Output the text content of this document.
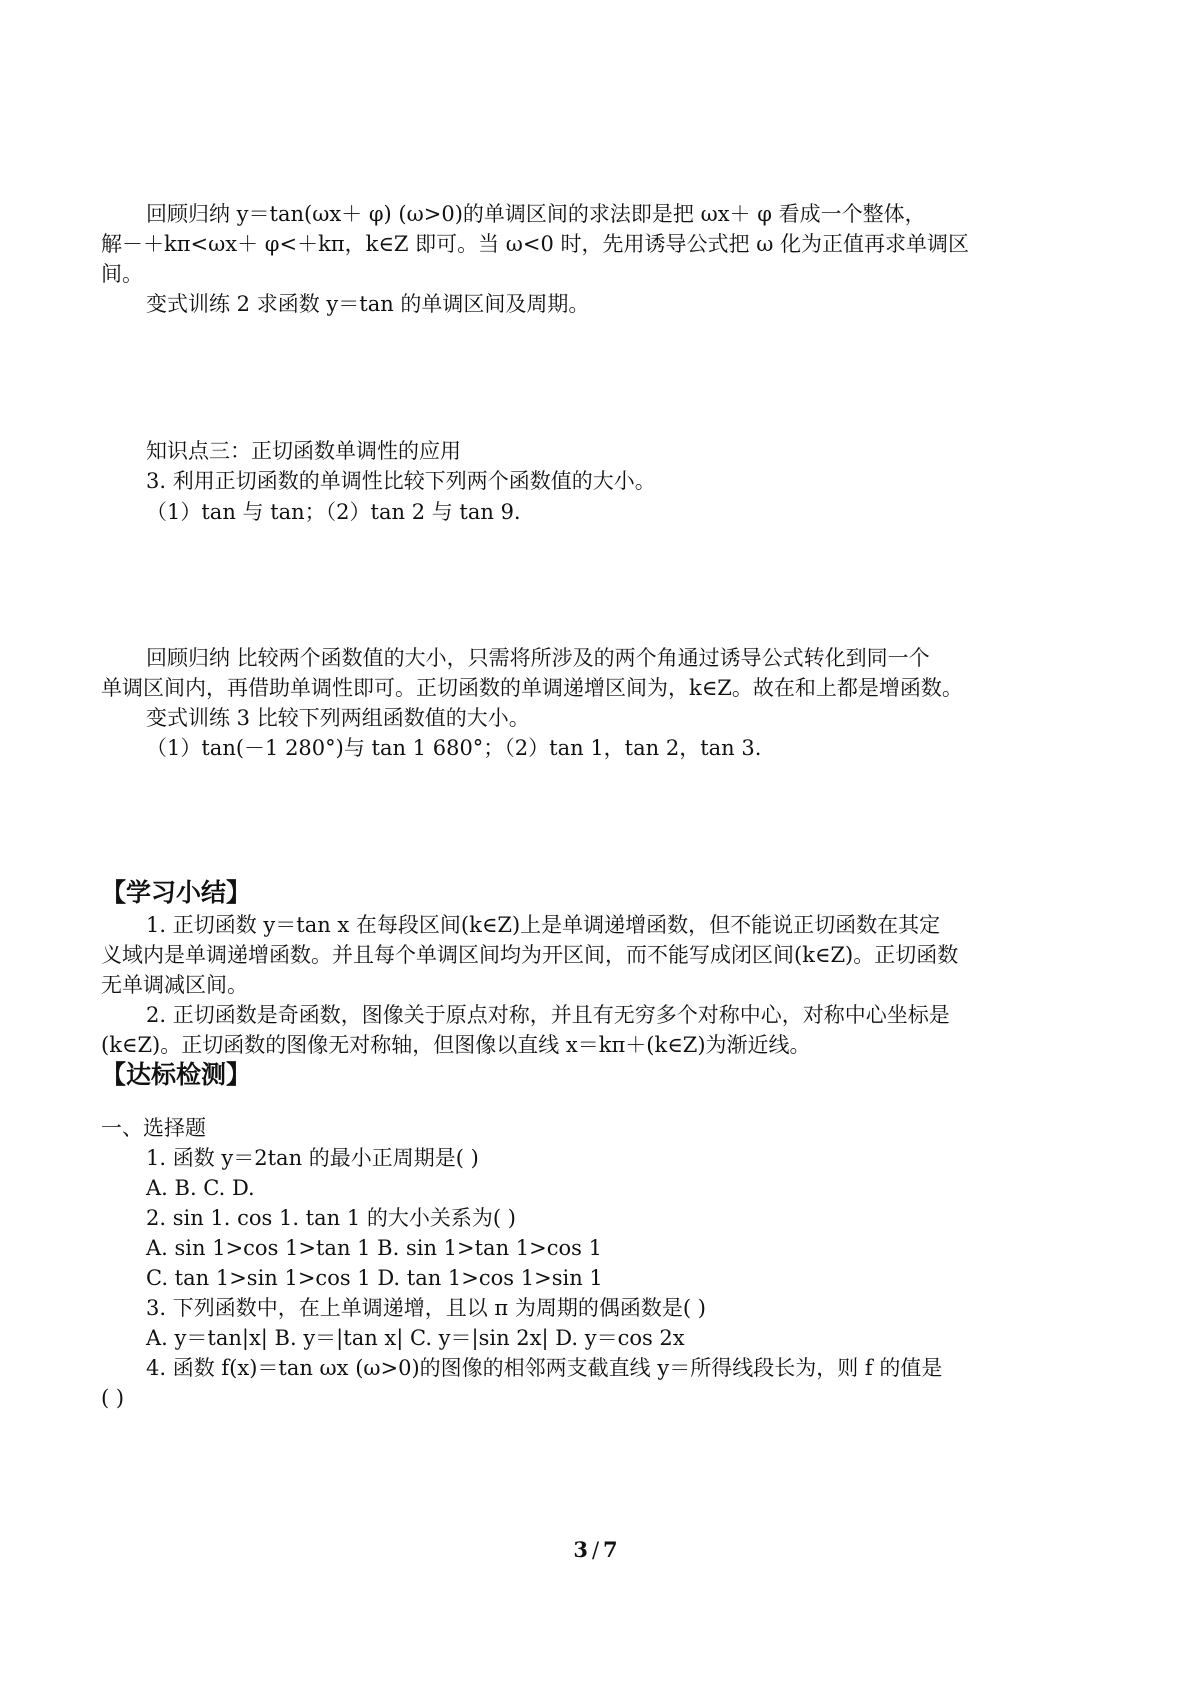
回顾归纳 y＝tan(ωx＋ φ) (ω>0)的单调区间的求法即是把 ωx＋ φ 看成一个整体，
解－＋kπ<ωx＋ φ<＋kπ，k∈Z 即可。当 ω<0 时，先用诱导公式把 ω 化为正值再求单调区
间。
变式训练 2 求函数 y＝tan 的单调区间及周期。
知识点三：正切函数单调性的应用
3. 利用正切函数的单调性比较下列两个函数值的大小。
（1）tan 与 tan；（2）tan 2 与 tan 9.
回顾归纳 比较两个函数值的大小，只需将所涉及的两个角通过诱导公式转化到同一个
单调区间内，再借助单调性即可。正切函数的单调递增区间为，k∈Z。故在和上都是增函数。
变式训练 3 比较下列两组函数值的大小。
（1）tan(－1 280°)与 tan 1 680°；（2）tan 1，tan 2，tan 3.
【学习小结】
1. 正切函数 y＝tan x 在每段区间(k∈Z)上是单调递增函数，但不能说正切函数在其定
义域内是单调递增函数。并且每个单调区间均为开区间，而不能写成闭区间(k∈Z)。正切函数
无单调减区间。
2. 正切函数是奇函数，图像关于原点对称，并且有无穷多个对称中心，对称中心坐标是
(k∈Z)。正切函数的图像无对称轴，但图像以直线 x＝kπ＋(k∈Z)为渐近线。
【达标检测】
一、选择题
1. 函数 y＝2tan 的最小正周期是( )
A. B. C. D.
2. sin 1. cos 1. tan 1 的大小关系为( )
A. sin 1>cos 1>tan 1 B. sin 1>tan 1>cos 1
C. tan 1>sin 1>cos 1 D. tan 1>cos 1>sin 1
3. 下列函数中，在上单调递增，且以 π 为周期的偶函数是( )
A. y＝tan|x| B. y＝|tan x| C. y＝|sin 2x| D. y＝cos 2x
4. 函数 f(x)＝tan ωx (ω>0)的图像的相邻两支截直线 y＝所得线段长为，则 f 的值是
( )
3 / 7
